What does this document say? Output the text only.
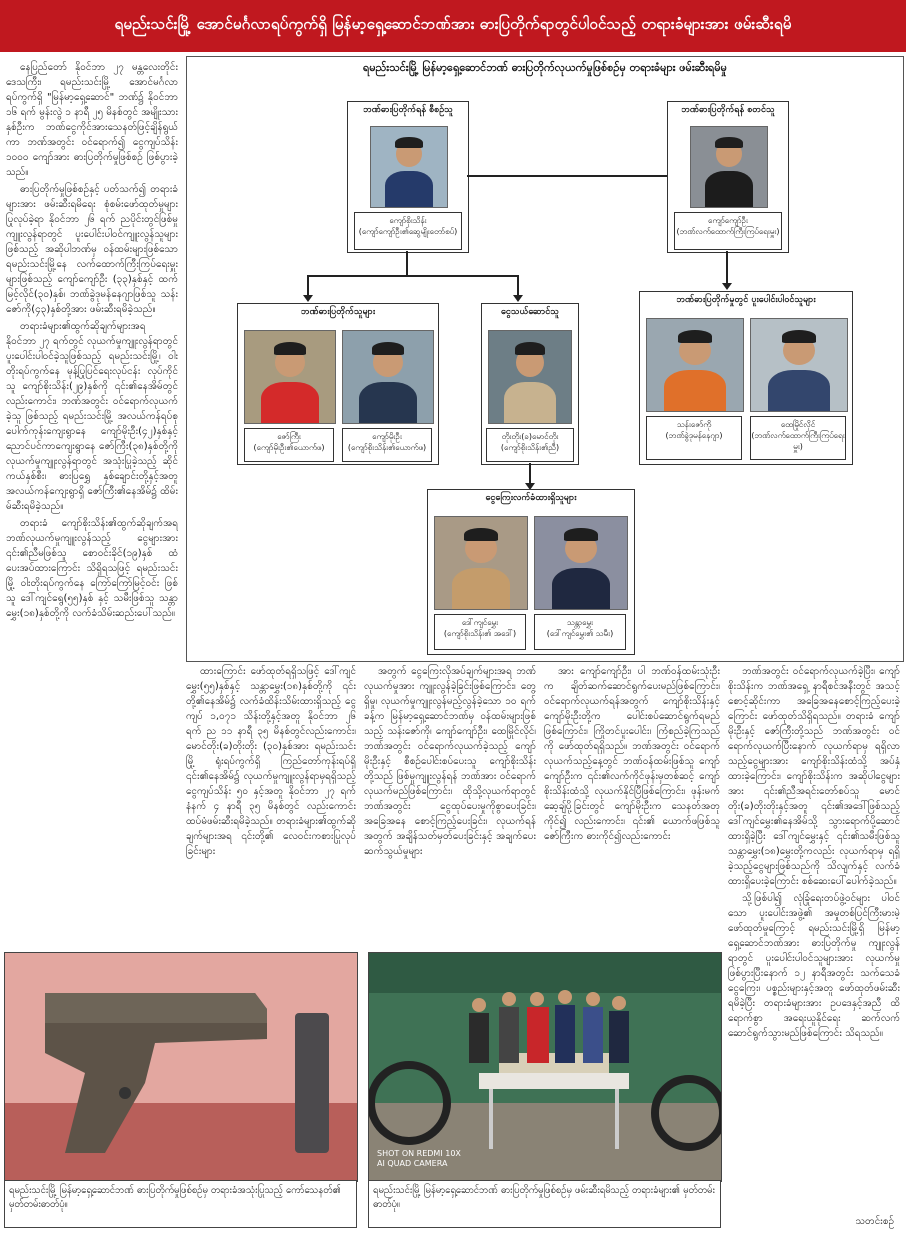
ရမည်းသင်းမြို့ အောင်မင်္ဂလာရပ်ကွက်ရှိ မြန်မာ့ရှေ့ဆောင်ဘဏ်အား ဓားပြတိုက်ရာတွင်ပါဝင်သည့် တရားခံများအား ဖမ်းဆီးရမိ

နေပြည်တော် နိုဝင်ဘာ ၂၇ မန္တလေးတိုင်းဒေသကြီး၊ ရမည်းသင်းမြို့ အောင်မင်္ဂလာရပ်ကွက်ရှိ "မြန်မာ့ရှေ့ဆောင်" ဘဏ်၌ နိုဝင်ဘာ ၁၆ ရက် မွန်းလွဲ ၁ နာရီ ၂၅ မိနစ်တွင် အမျိုးသား နှစ်ဦးက ဘဏ်ငွေကိုင်အားသေနတ်ဖြင့်ချိန်ရွယ်ကာ ဘဏ်အတွင်း ဝင်ရောက်၍ ငွေကျပ်သိန်း ၁၀၀၀ ကျော်အား ဓားပြတိုက်မှုဖြစ်စဉ် ဖြစ်ပွားခဲ့သည်။

ဓားပြတိုက်မှုဖြစ်စဉ်နှင့် ပတ်သက်၍ တရားခံများအား ဖမ်းဆီးရမိရေး စုံစမ်းဖော်ထုတ်မှုများပြုလုပ်ခဲ့ရာ နိုဝင်ဘာ ၂၆ ရက် ညပိုင်းတွင်ဖြစ်မှုကျူးလွန်ရာတွင် ပူးပေါင်းပါဝင်ကျူးလွန်သူများဖြစ်သည့် အဆိုပါဘဏ်မှ ဝန်ထမ်းများဖြစ်သော ရမည်းသင်းမြို့နေ လက်ထောက်ကြီးကြပ်ရေးမှူးများဖြစ်သည့် ကျော်ကျော်ဦး (၃၃)နှစ်နှင့် ထက်မြင့်လိုင်(၃၀)နှစ်၊ ဘဏ်ခွဲဒုမန်နေဂျာဖြစ်သူ သန်းဇော်ကို(၄၃)နှစ်တို့အား ဖမ်းဆီးရမိခဲ့သည်။

တရားခံများ၏ထွက်ဆိုချက်များအရ နိုဝင်ဘာ ၂၇ ရက်တွင် လုယက်မှုကျူးလွန်ရာတွင် ပူးပေါင်းပါဝင်ခဲ့သူဖြစ်သည့် ရမည်းသင်းမြို့၊ ဝါးတိုးရပ်ကွက်နေ မုန့်ပြုပြင်ရေးလုပ်ငန်း လုပ်ကိုင်သူ ကျော်စိုးသိန်း(၂၉)နှစ်ကို ၎င်း၏နေအိမ်တွင် လည်းကောင်း၊ ဘဏ်အတွင်း ဝင်ရောက်လုယက်ခဲ့သူ ဖြစ်သည့် ရမည်းသင်းမြို့ အလယ်ကန်ရပ်စုပေါက်ကုန်းကျေးရွာနေ ကျော်မိုးဦး(၄၂)နှစ်နှင့် ညောင်ပင်ကာကျေးရွာနေ ဇော်ကြီး(၃၈)နှစ်တို့ကို လုယက်မှုကျူးလွန်ရာတွင် အသုံးပြုခဲ့သည့် ဆိုင်ကယ်နှစ်စီး၊ ဓားပြရွှေ နှစ်ချောင်းတို့နှင့်အတူ အလယ်ကန်ကျေးရွာရှိ ဇော်ကြီး၏နေအိမ်၌ ထိမ်းမ်ဆီးရမိခဲ့သည်။

တရားခံ ကျော်စိုးသိန်း၏ထွက်ဆိုချက်အရ ဘဏ်လုယက်မှုကျူးလွန်သည့် ငွေများအား ၎င်း၏ညီမဖြစ်သူ စောဝင်းခိုင်(၁၉)နှစ် ထံ ပေးအပ်ထားကြောင်း သိရှိရသဖြင့် ရမည်းသင်းမြို့ ဝါးတိုးရပ်ကွက်နေ ကြော်ကြော်မြင့်ဝင်း ဖြစ်သူ ဒေါ်ကျင်ရွေ(၅၅)နှစ် နှင့် သမီးဖြစ်သူ သန္တာမွှေး(၁၈)နှစ်တို့ကို လက်ခံသိမ်းဆည်းပေါ်သည်။

ရမည်းသင်းမြို့ မြန်မာ့ရှေ့ဆောင်ဘဏ် ဓားပြတိုက်လုယက်မှုဖြစ်စဉ်မှ တရားခံများ ဖမ်းဆီးရမိမှု
ဘဏ်ဓားပြတိုက်ရန် စီစဉ်သူ
ကျော်စိုးသိန်း
(ကျော်ကျော်ဦး၏ဆွေမျိုးတော်စပ်)
ဘဏ်ဓားပြတိုက်ရန် စတင်သူ
ကျော်ကျော်ဦး
(ဘဏ်လက်ထောက်ကြီးကြပ်ရေးမှူး)
ဘဏ်ဓားပြတိုက်သူများ
ဇော်ကြီး
(ကျော်မိုးဦး၏ယောက်ဖ)
ကျော်မိုးဦး
(ကျော်စိုးသိန်း၏ယောက်ဖ)
ငွေသယ်ဆောင်သူ
တိုးတိုး(ခ)မောင်တိုး
(ကျော်စိုးသိန်း၏ညီ)
ဘဏ်ဓားပြတိုက်မှုတွင် ပူးပေါင်းပါဝင်သူများ
သန်းဇော်ကို
(ဘဏ်ခွဲဒုမန်နေဂျာ)
ထေမြိုင်လိုင်
(ဘဏ်လက်ထောက်ကြီးကြပ်ရေးမှူး)
ငွေကြေးလက်ခံထားရှိသူများ
ဒေါ်ကျင်မွှေး
(ကျော်စိုးသိန်း၏ အဒေါ်)
သန္တာမွှေး
(ဒေါ်ကျင်မွှေး၏ သမီး)

ထားကြောင်း ဖော်ထုတ်ရရှိသဖြင့် ဒေါ်ကျင်မွှေး(၅၅)နှစ်နှင့် သန္တာမွှေး(၁၈)နှစ်တို့ကို ၎င်းတို့၏နေအိမ်၌ လက်ခံထိန်းသိမ်းထားရှိသည့် ငွေကျပ် ၁,၀၇၁ သိန်းတို့နှင့်အတူ နိုဝင်ဘာ ၂၆ ရက် ည ၁၁ နာရီ ၃၅ မိနစ်တွင်လည်းကောင်း၊ မောင်တိုး(ခ)တိုးတိုး (၃၀)နှစ်အား ရမည်းသင်းမြို့ ရုံးရပ်ကွက်ရှိ ကြည်တော်ကုန်းရပ်ရှိ ၎င်း၏နေအိမ်၌ လုယက်မှုကျူးလွန်ရာမှရရှိသည့် ငွေကျပ်သိန်း ၅၀ နှင့်အတူ နိုဝင်ဘာ ၂၇ ရက်နံနက် ၄ နာရီ ၃၅ မိနစ်တွင် လည်းကောင်း ထပ်မံဖမ်းဆီးရမိခဲ့သည်။ တရားခံများ၏ထွက်ဆိုချက်များအရ ၎င်းတို့၏ လေဝင်းကစားပြုလုပ်ခြင်းများ

အတွက် ငွေကြေးလိုအပ်ချက်များအရ ဘဏ်လုယက်မှုအား ကျူးလွန်ခဲ့ခြင်းဖြစ်ကြောင်း၊ တွေ့ရှိမှု၊ လုယက်မှုကျူးလွန်မည့်လွန်ခဲ့သော ၁၀ ရက်ခန့်က မြန်မာ့ရှေ့ဆောင်ဘဏ်မှ ဝန်ထမ်းများဖြစ်သည့် သန်းဇော်ကို၊ ကျော်ကျော်ဦး၊ ထေမြိုင်လိုင်၊ ဘဏ်အတွင်း ဝင်ရောက်လုယက်ခဲ့သည့် ကျော်မိုးဦးနှင့် စီစဉ်ပေါင်းစပ်ပေးသူ ကျော်စိုးသိန်းတို့သည် ဖြစ်မှုကျူးလွန်ရန် ဘဏ်အား ဝင်ရောက်လုယက်မည်ဖြစ်ကြောင်း၊ ထိုသို့လုယက်ရာတွင် ဘဏ်အတွင်း ငွေထုပ်ပေးမှုကိုစွာပေးခြင်း၊ အခြေအနေ စောင့်ကြည့်ပေးခြင်း၊ လုယက်ရန်အတွက် အချိန်သတ်မှတ်ပေးခြင်းနှင့် အချက်ပေးဆက်သွယ်မှုများ

အား ကျော်ကျော်ဦး၊ ပါ ဘဏ်ဝန်ထမ်းသုံးဦးက ချိတ်ဆက်ဆောင်ရွက်ပေးမည်ဖြစ်ကြောင်း၊ ဝင်ရောက်လုယက်ရန်အတွက် ကျော်စိုးသိန်းနှင့် ကျော်မိုးဦးတို့က ပေါင်းစပ်ဆောင်ရွက်ရမည်ဖြစ်ကြောင်း၊ ကြိုတင်ပူးပေါင်း၊ ကြံစည်ခဲ့ကြသည်ကို ဖော်ထုတ်ရရှိသည်။ ဘဏ်အတွင်း ဝင်ရောက်လုယက်သည့်နေ့တွင် ဘဏ်ဝန်ထမ်းဖြစ်သူ ကျော်ကျော်ဦးက ၎င်း၏လက်ကိုင်ဖုန်းမှတစ်ဆင့် ကျော်စိုးသိန်းထံသို့ လုယက်နိုင်ပြီဖြစ်ကြောင်း၊ ဖုန်းမက်ဆေ့ချ်ပို့ခြင်းတွင် ကျော်မိုးဦးက သေနတ်အတုကိုင်၍ လည်းကောင်း၊ ၎င်း၏ ယောက်ဖဖြစ်သူ ဇော်ကြီးက ဓားကိုင်၍လည်းကောင်း

ဘဏ်အတွင်း ဝင်ရောက်လုယက်ခဲ့ပြီး၊ ကျော်စိုးသိန်းက ဘဏ်အရှေ့ နာရီစင်အနီးတွင် အသင့်စောင့်ဆိုင်းကာ အခြေအနေစောင့်ကြည့်ပေးခဲ့ကြောင်း ဖော်ထုတ်သိရှိရသည်။ တရားခံ ကျော်မိုးဦးနှင့် ဇော်ကြီးတို့သည် ဘဏ်အတွင်း ဝင်ရောက်လုယက်ပြီးနောက် လုယက်ရာမှ ရရှိလာသည့်ငွေများအား ကျော်စိုးသိန်းထံသို့ အပ်နှံထားခဲ့ကြောင်း၊ ကျော်စိုးသိန်းက အဆိုပါငွေများအား ၎င်း၏ညီအရင်းတော်စပ်သူ မောင်တိုး(ခ)တိုးတိုးနှင့်အတူ ၎င်း၏အဒေါ်ဖြစ်သည့် ဒေါ်ကျင်မွှေး၏နေအိမ်သို့ သွားရောက်ပို့ဆောင် ထားရှိခဲ့ပြီး ဒေါ်ကျင်မွှေးနှင့် ၎င်း၏သမီးဖြစ်သူ သန္တာမွှေး(၁၈)မွှေးတို့ကလည်း လုယက်ရာမှ ရရှိခဲ့သည့်ငွေများဖြစ်သည်ကို သိလျက်နှင့် လက်ခံထားရှိပေးခဲ့ကြောင်း စစ်ဆေးပေါ်ပေါက်ခဲ့သည်။

သို့ဖြစ်ပါ၍ လုံခြုံရေးတပ်ဖွဲ့ဝင်များ ပါဝင်သော ပူးပေါင်းအဖွဲ့၏ အမှုတစ်ပြင်ကြီးမားမဲ့ ဖော်ထုတ်မှုကြောင့် ရမည်းသင်းမြို့ရှိ မြန်မာ့ရှေ့ဆောင်ဘဏ်အား ဓားပြတိုက်မှု ကျူးလွန်ရာတွင် ပူးပေါင်းပါဝင်သူများအား လုယက်မှုဖြစ်ပွားပြီးနောက် ၁၂ နာရီအတွင်း သက်သေခံငွေကြေး၊ ပစ္စည်းများနှင့်အတူ ဖော်ထုတ်ဖမ်းဆီးရမိခဲ့ပြီး တရားခံများအား ဥပဒေနှင့်အညီ ထိရောက်စွာ အရေးယူနိုင်ရေး ဆက်လက်ဆောင်ရွက်သွားမည်ဖြစ်ကြောင်း သိရသည်။

ရမည်းသင်းမြို့ မြန်မာ့ရှေ့ဆောင်ဘဏ် ဓားပြတိုက်မှုဖြစ်စဉ်မှ တရားခံအသုံးပြုသည့် ကော်သေနတ်၏ မှတ်တမ်းဓာတ်ပုံ။
SHOT ON REDMI 10X
AI QUAD CAMERA
ရမည်းသင်းမြို့ မြန်မာ့ရှေ့ဆောင်ဘဏ် ဓားပြတိုက်မှုဖြစ်စဉ်မှ ဖမ်းဆီးရမိသည့် တရားခံများ၏ မှတ်တမ်းဓာတ်ပုံ။
သတင်းစဉ်
